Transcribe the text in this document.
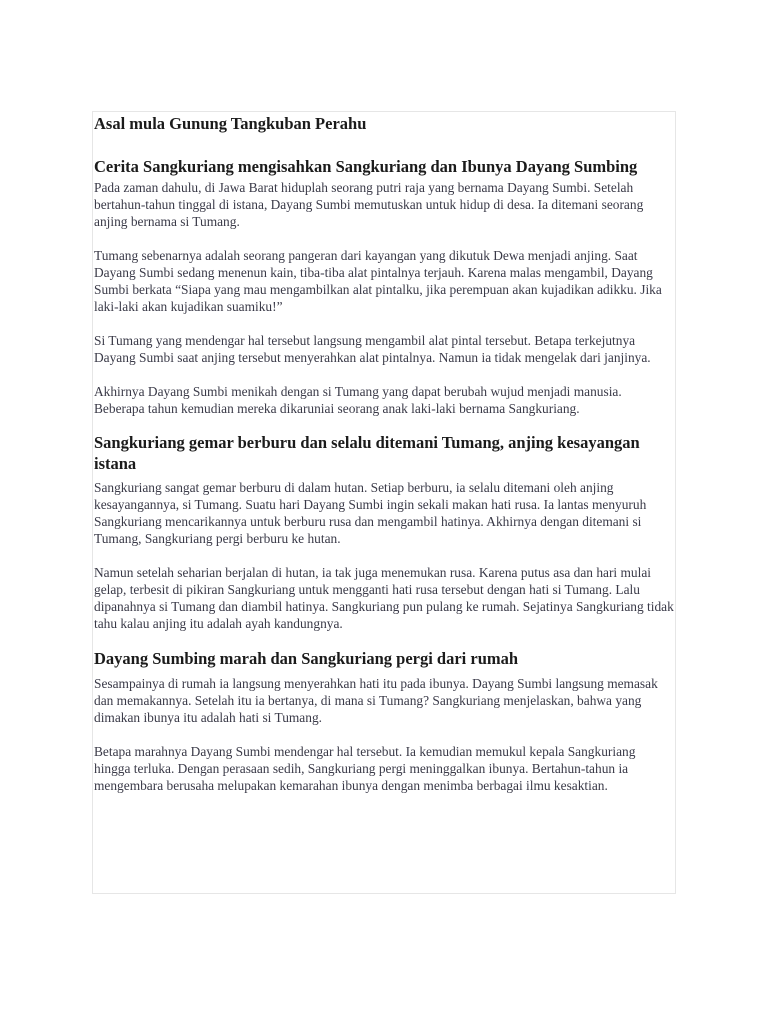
Asal mula Gunung Tangkuban Perahu
Cerita Sangkuriang mengisahkan Sangkuriang dan Ibunya Dayang Sumbing

Pada zaman dahulu, di Jawa Barat hiduplah seorang putri raja yang bernama Dayang Sumbi. Setelah bertahun-tahun tinggal di istana, Dayang Sumbi memutuskan untuk hidup di desa. Ia ditemani seorang anjing bernama si Tumang.

Tumang sebenarnya adalah seorang pangeran dari kayangan yang dikutuk Dewa menjadi anjing. Saat Dayang Sumbi sedang menenun kain, tiba-tiba alat pintalnya terjauh. Karena malas mengambil, Dayang Sumbi berkata “Siapa yang mau mengambilkan alat pintalku, jika perempuan akan kujadikan adikku. Jika laki-laki akan kujadikan suamiku!”

Si Tumang yang mendengar hal tersebut langsung mengambil alat pintal tersebut. Betapa terkejutnya Dayang Sumbi saat anjing tersebut menyerahkan alat pintalnya. Namun ia tidak mengelak dari janjinya.

Akhirnya Dayang Sumbi menikah dengan si Tumang yang dapat berubah wujud menjadi manusia. Beberapa tahun kemudian mereka dikaruniai seorang anak laki-laki bernama Sangkuriang.

Sangkuriang gemar berburu dan selalu ditemani Tumang, anjing kesayangan istana

Sangkuriang sangat gemar berburu di dalam hutan. Setiap berburu, ia selalu ditemani oleh anjing kesayangannya, si Tumang. Suatu hari Dayang Sumbi ingin sekali makan hati rusa. Ia lantas menyuruh Sangkuriang mencarikannya untuk berburu rusa dan mengambil hatinya. Akhirnya dengan ditemani si Tumang, Sangkuriang pergi berburu ke hutan.

Namun setelah seharian berjalan di hutan, ia tak juga menemukan rusa. Karena putus asa dan hari mulai gelap, terbesit di pikiran Sangkuriang untuk mengganti hati rusa tersebut dengan hati si Tumang. Lalu dipanahnya si Tumang dan diambil hatinya. Sangkuriang pun pulang ke rumah. Sejatinya Sangkuriang tidak tahu kalau anjing itu adalah ayah kandungnya.

Dayang Sumbing marah dan Sangkuriang pergi dari rumah

Sesampainya di rumah ia langsung menyerahkan hati itu pada ibunya. Dayang Sumbi langsung memasak dan memakannya. Setelah itu ia bertanya, di mana si Tumang? Sangkuriang menjelaskan, bahwa yang dimakan ibunya itu adalah hati si Tumang.

Betapa marahnya Dayang Sumbi mendengar hal tersebut. Ia kemudian memukul kepala Sangkuriang hingga terluka. Dengan perasaan sedih, Sangkuriang pergi meninggalkan ibunya. Bertahun-tahun ia mengembara berusaha melupakan kemarahan ibunya dengan menimba berbagai ilmu kesaktian.
